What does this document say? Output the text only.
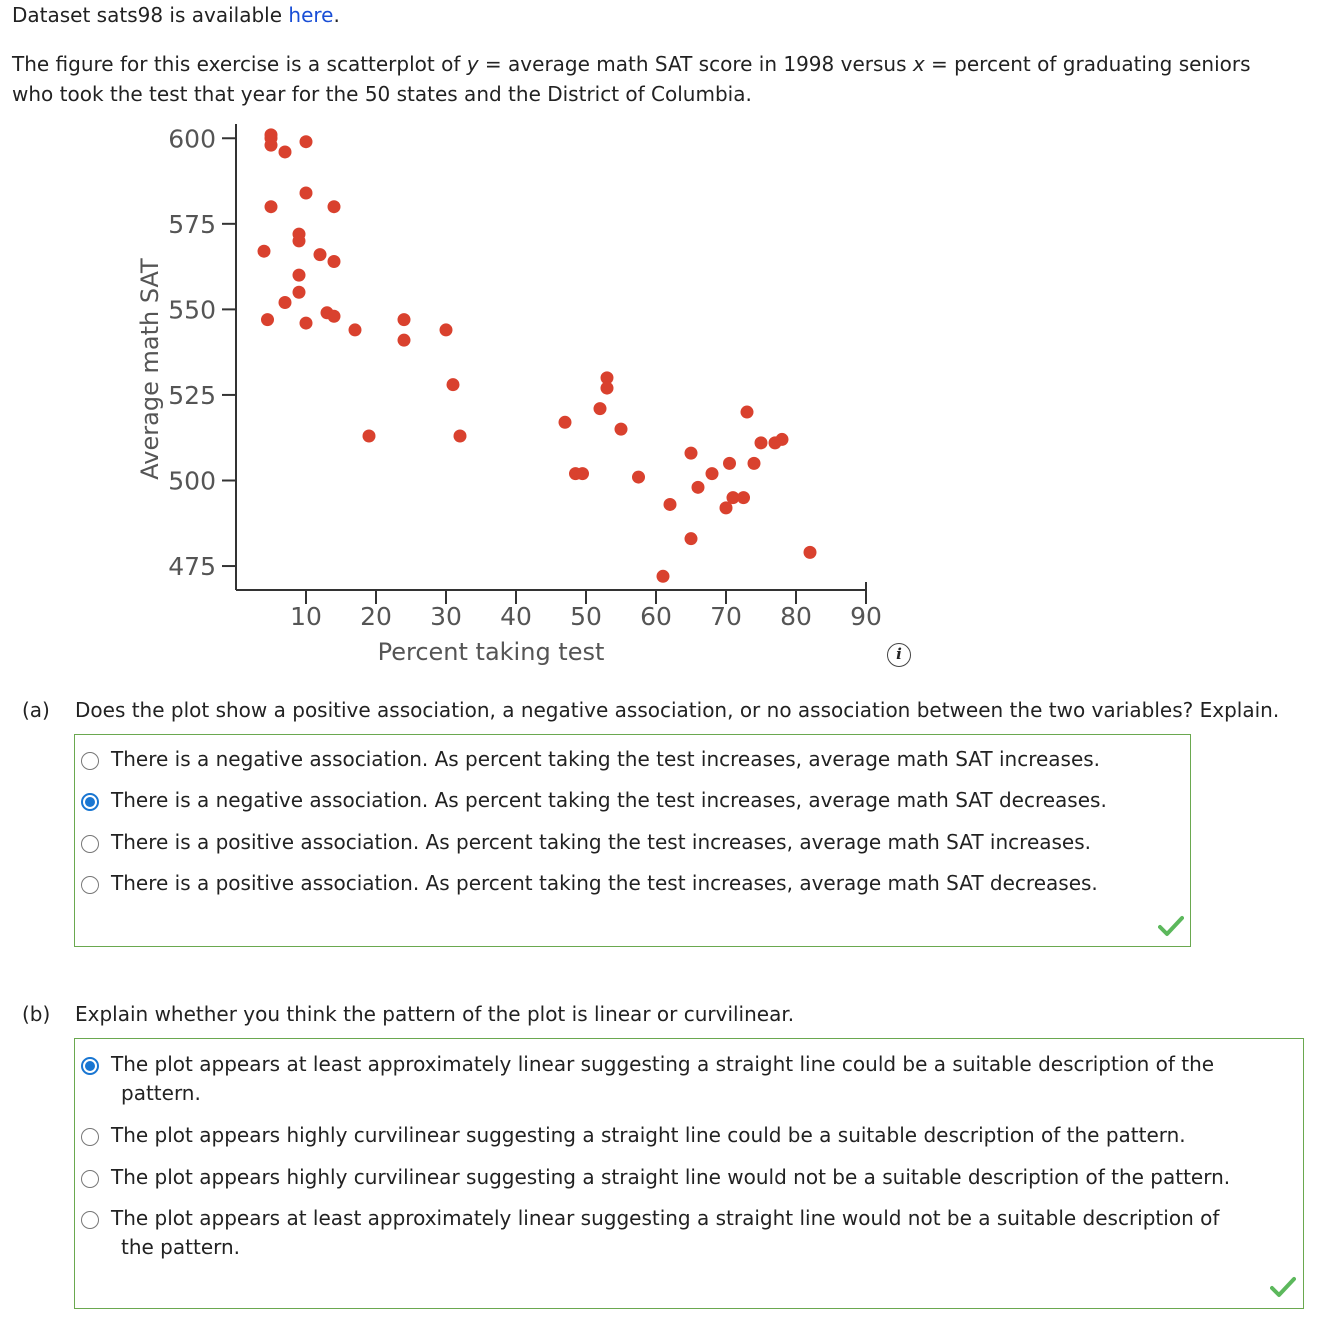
Dataset sats98 is available here.
The figure for this exercise is a scatterplot of y = average math SAT score in 1998 versus x = percent of graduating seniors
who took the test that year for the 50 states and the District of Columbia.
475
500
525
550
575
600
10 20 30 40 50 60 70 80 90
Percent taking test
Average math SAT
i
(a) Does the plot show a positive association, a negative association, or no association between the two variables? Explain.
There is a negative association. As percent taking the test increases, average math SAT increases.
There is a negative association. As percent taking the test increases, average math SAT decreases.
There is a positive association. As percent taking the test increases, average math SAT increases.
There is a positive association. As percent taking the test increases, average math SAT decreases.
(b) Explain whether you think the pattern of the plot is linear or curvilinear.
The plot appears at least approximately linear suggesting a straight line could be a suitable description of the
pattern.
The plot appears highly curvilinear suggesting a straight line could be a suitable description of the pattern.
The plot appears highly curvilinear suggesting a straight line would not be a suitable description of the pattern.
The plot appears at least approximately linear suggesting a straight line would not be a suitable description of
the pattern.
